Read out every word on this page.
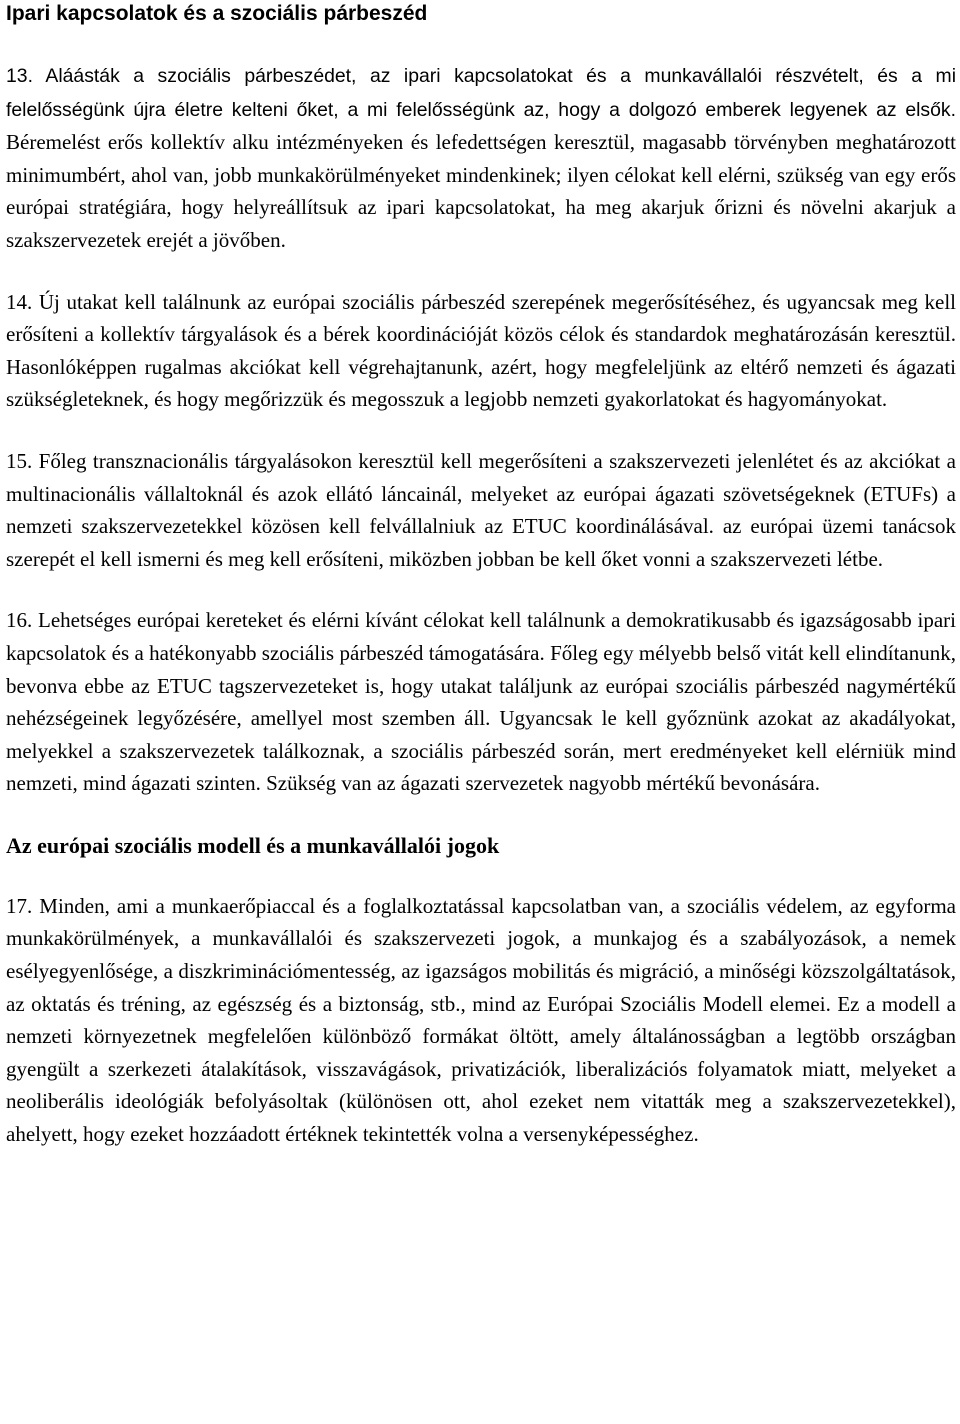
Ipari kapcsolatok és a szociális párbeszéd

13. Aláásták a szociális párbeszédet, az ipari kapcsolatokat és a munkavállalói részvételt, és a mi felelősségünk újra életre kelteni őket, a mi felelősségünk az, hogy a dolgozó emberek legyenek az elsők. Béremelést erős kollektív alku intézményeken és lefedettségen keresztül, magasabb törvényben meghatározott minimumbért, ahol van, jobb munkakörülményeket mindenkinek; ilyen célokat kell elérni, szükség van egy erős európai stratégiára, hogy helyreállítsuk az ipari kapcsolatokat, ha meg akarjuk őrizni és növelni akarjuk a szakszervezetek erejét a jövőben.

14. Új utakat kell találnunk az európai szociális párbeszéd szerepének megerősítéséhez, és ugyancsak meg kell erősíteni a kollektív tárgyalások és a bérek koordinációját közös célok és standardok meghatározásán keresztül. Hasonlóképpen rugalmas akciókat kell végrehajtanunk, azért, hogy megfeleljünk az eltérő nemzeti és ágazati szükségleteknek, és hogy megőrizzük és megosszuk a legjobb nemzeti gyakorlatokat és hagyományokat.

15. Főleg transznacionális tárgyalásokon keresztül kell megerősíteni a szakszervezeti jelenlétet és az akciókat a multinacionális vállaltoknál és azok ellátó láncainál, melyeket az európai ágazati szövetségeknek (ETUFs) a nemzeti szakszervezetekkel közösen kell felvállalniuk az ETUC koordinálásával. az európai üzemi tanácsok szerepét el kell ismerni és meg kell erősíteni, miközben jobban be kell őket vonni a szakszervezeti létbe.

16. Lehetséges európai kereteket és elérni kívánt célokat kell találnunk a demokratikusabb és igazságosabb ipari kapcsolatok és a hatékonyabb szociális párbeszéd támogatására. Főleg egy mélyebb belső vitát kell elindítanunk, bevonva ebbe az ETUC tagszervezeteket is, hogy utakat találjunk az európai szociális párbeszéd nagymértékű nehézségeinek legyőzésére, amellyel most szemben áll. Ugyancsak le kell győznünk azokat az akadályokat, melyekkel a szakszervezetek találkoznak, a szociális párbeszéd során, mert eredményeket kell elérniük mind nemzeti, mind ágazati szinten. Szükség van az ágazati szervezetek nagyobb mértékű bevonására.

Az európai szociális modell és a munkavállalói jogok

17. Minden, ami a munkaerőpiaccal és a foglalkoztatással kapcsolatban van, a szociális védelem, az egyforma munkakörülmények, a munkavállalói és szakszervezeti jogok, a munkajog és a szabályozások, a nemek esélyegyenlősége, a diszkriminációmentesség, az igazságos mobilitás és migráció, a minőségi közszolgáltatások, az oktatás és tréning, az egészség és a biztonság, stb., mind az Európai Szociális Modell elemei. Ez a modell a nemzeti környezetnek megfelelően különböző formákat öltött, amely általánosságban a legtöbb országban gyengült a szerkezeti átalakítások, visszavágások, privatizációk, liberalizációs folyamatok miatt, melyeket a neoliberális ideológiák befolyásoltak (különösen ott, ahol ezeket nem vitatták meg a szakszervezetekkel), ahelyett, hogy ezeket hozzáadott értéknek tekintették volna a versenyképességhez.
